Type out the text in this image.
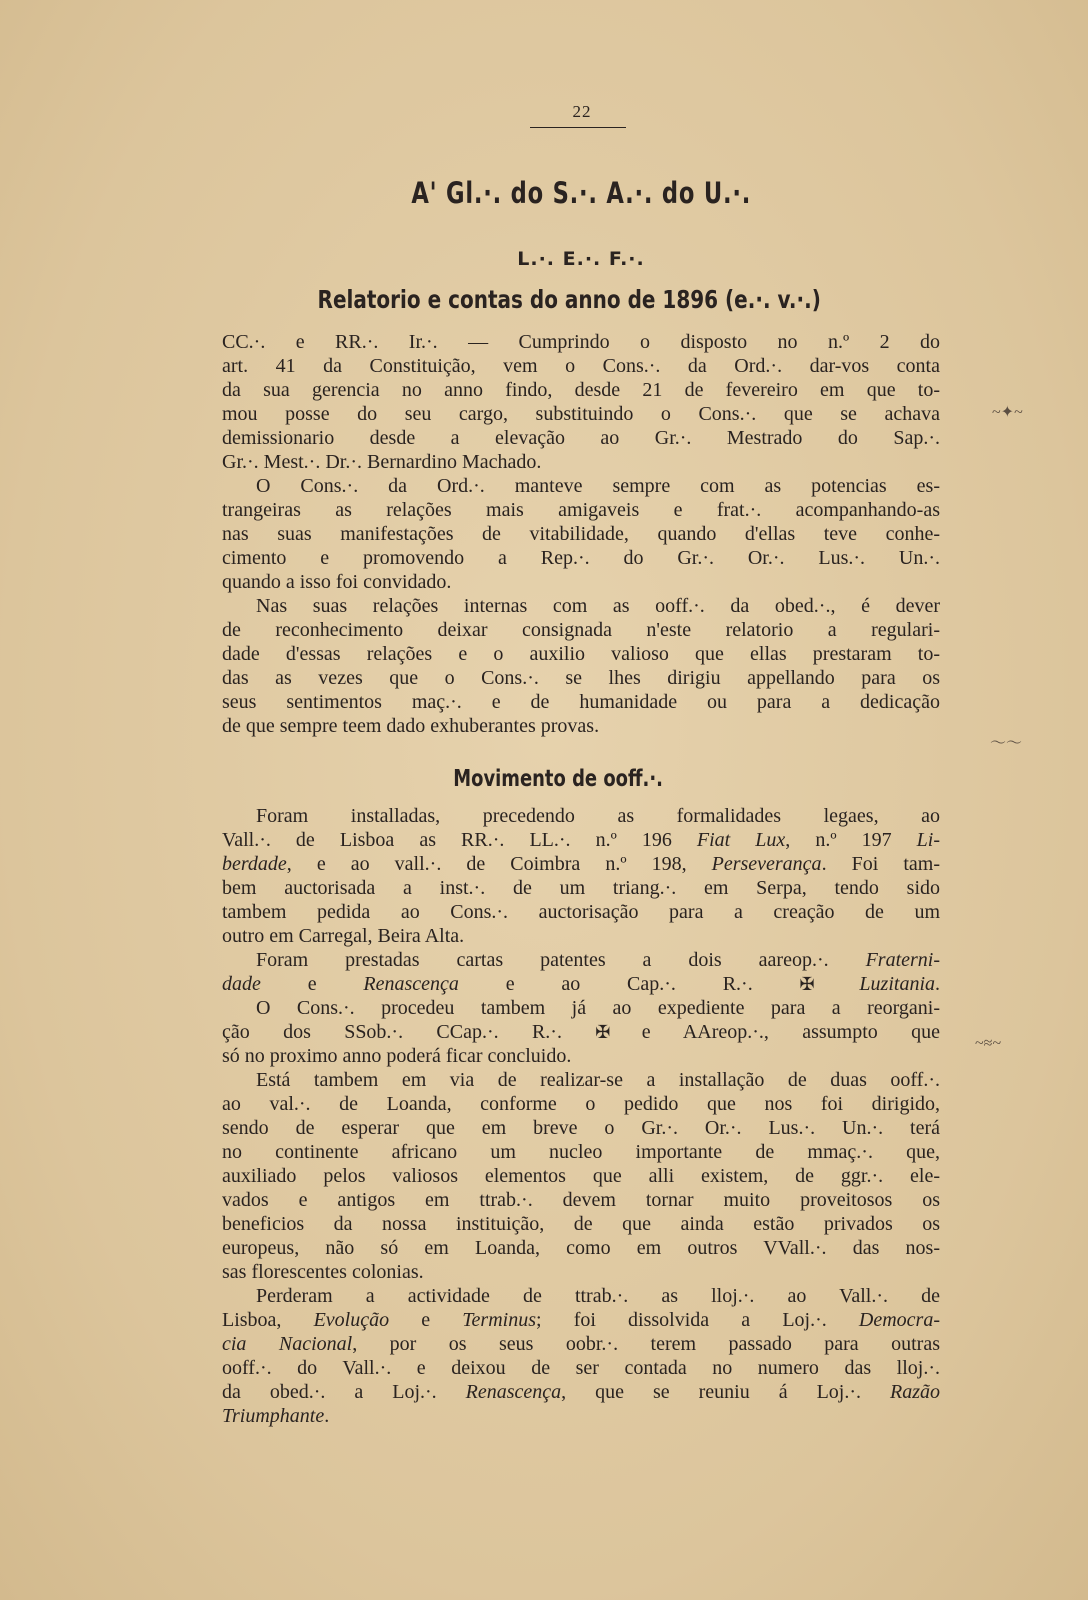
22
A' Gl.·. do S.·. A.·. do U.·.
L.·. E.·. F.·.
Relatorio e contas do anno de 1896 (e.·. v.·.)
Movimento de ooff.·.
CC.·. e RR.·. Ir.·. — Cumprindo o disposto no n.º 2 do
art. 41 da Constituição, vem o Cons.·. da Ord.·. dar-vos conta
da sua gerencia no anno findo, desde 21 de fevereiro em que to-
mou posse do seu cargo, substituindo o Cons.·. que se achava
demissionario desde a elevação ao Gr.·. Mestrado do Sap.·.
Gr.·. Mest.·. Dr.·. Bernardino Machado.
O Cons.·. da Ord.·. manteve sempre com as potencias es-
trangeiras as relações mais amigaveis e frat.·. acompanhando-as
nas suas manifestações de vitabilidade, quando d'ellas teve conhe-
cimento e promovendo a Rep.·. do Gr.·. Or.·. Lus.·. Un.·.
quando a isso foi convidado.
Nas suas relações internas com as ooff.·. da obed.·., é dever
de reconhecimento deixar consignada n'este relatorio a regulari-
dade d'essas relações e o auxilio valioso que ellas prestaram to-
das as vezes que o Cons.·. se lhes dirigiu appellando para os
seus sentimentos maç.·. e de humanidade ou para a dedicação
de que sempre teem dado exhuberantes provas.
Foram installadas, precedendo as formalidades legaes, ao
Vall.·. de Lisboa as RR.·. LL.·. n.º 196 Fiat Lux, n.º 197 Li-
berdade, e ao vall.·. de Coimbra n.º 198, Perseverança. Foi tam-
bem auctorisada a inst.·. de um triang.·. em Serpa, tendo sido
tambem pedida ao Cons.·. auctorisação para a creação de um
outro em Carregal, Beira Alta.
Foram prestadas cartas patentes a dois aareop.·. Fraterni-
dade e Renascença e ao Cap.·. R.·. ✠ Luzitania.
O Cons.·. procedeu tambem já ao expediente para a reorgani-
ção dos SSob.·. CCap.·. R.·. ✠ e AAreop.·., assumpto que
só no proximo anno poderá ficar concluido.
Está tambem em via de realizar-se a installação de duas ooff.·.
ao val.·. de Loanda, conforme o pedido que nos foi dirigido,
sendo de esperar que em breve o Gr.·. Or.·. Lus.·. Un.·. terá
no continente africano um nucleo importante de mmaç.·. que,
auxiliado pelos valiosos elementos que alli existem, de ggr.·. ele-
vados e antigos em ttrab.·. devem tornar muito proveitosos os
beneficios da nossa instituição, de que ainda estão privados os
europeus, não só em Loanda, como em outros VVall.·. das nos-
sas florescentes colonias.
Perderam a actividade de ttrab.·. as lloj.·. ao Vall.·. de
Lisboa, Evolução e Terminus; foi dissolvida a Loj.·. Democra-
cia Nacional, por os seus oobr.·. terem passado para outras
ooff.·. do Vall.·. e deixou de ser contada no numero das lloj.·.
da obed.·. a Loj.·. Renascença, que se reuniu á Loj.·. Razão
Triumphante.
~✦~
～～
~≈~
